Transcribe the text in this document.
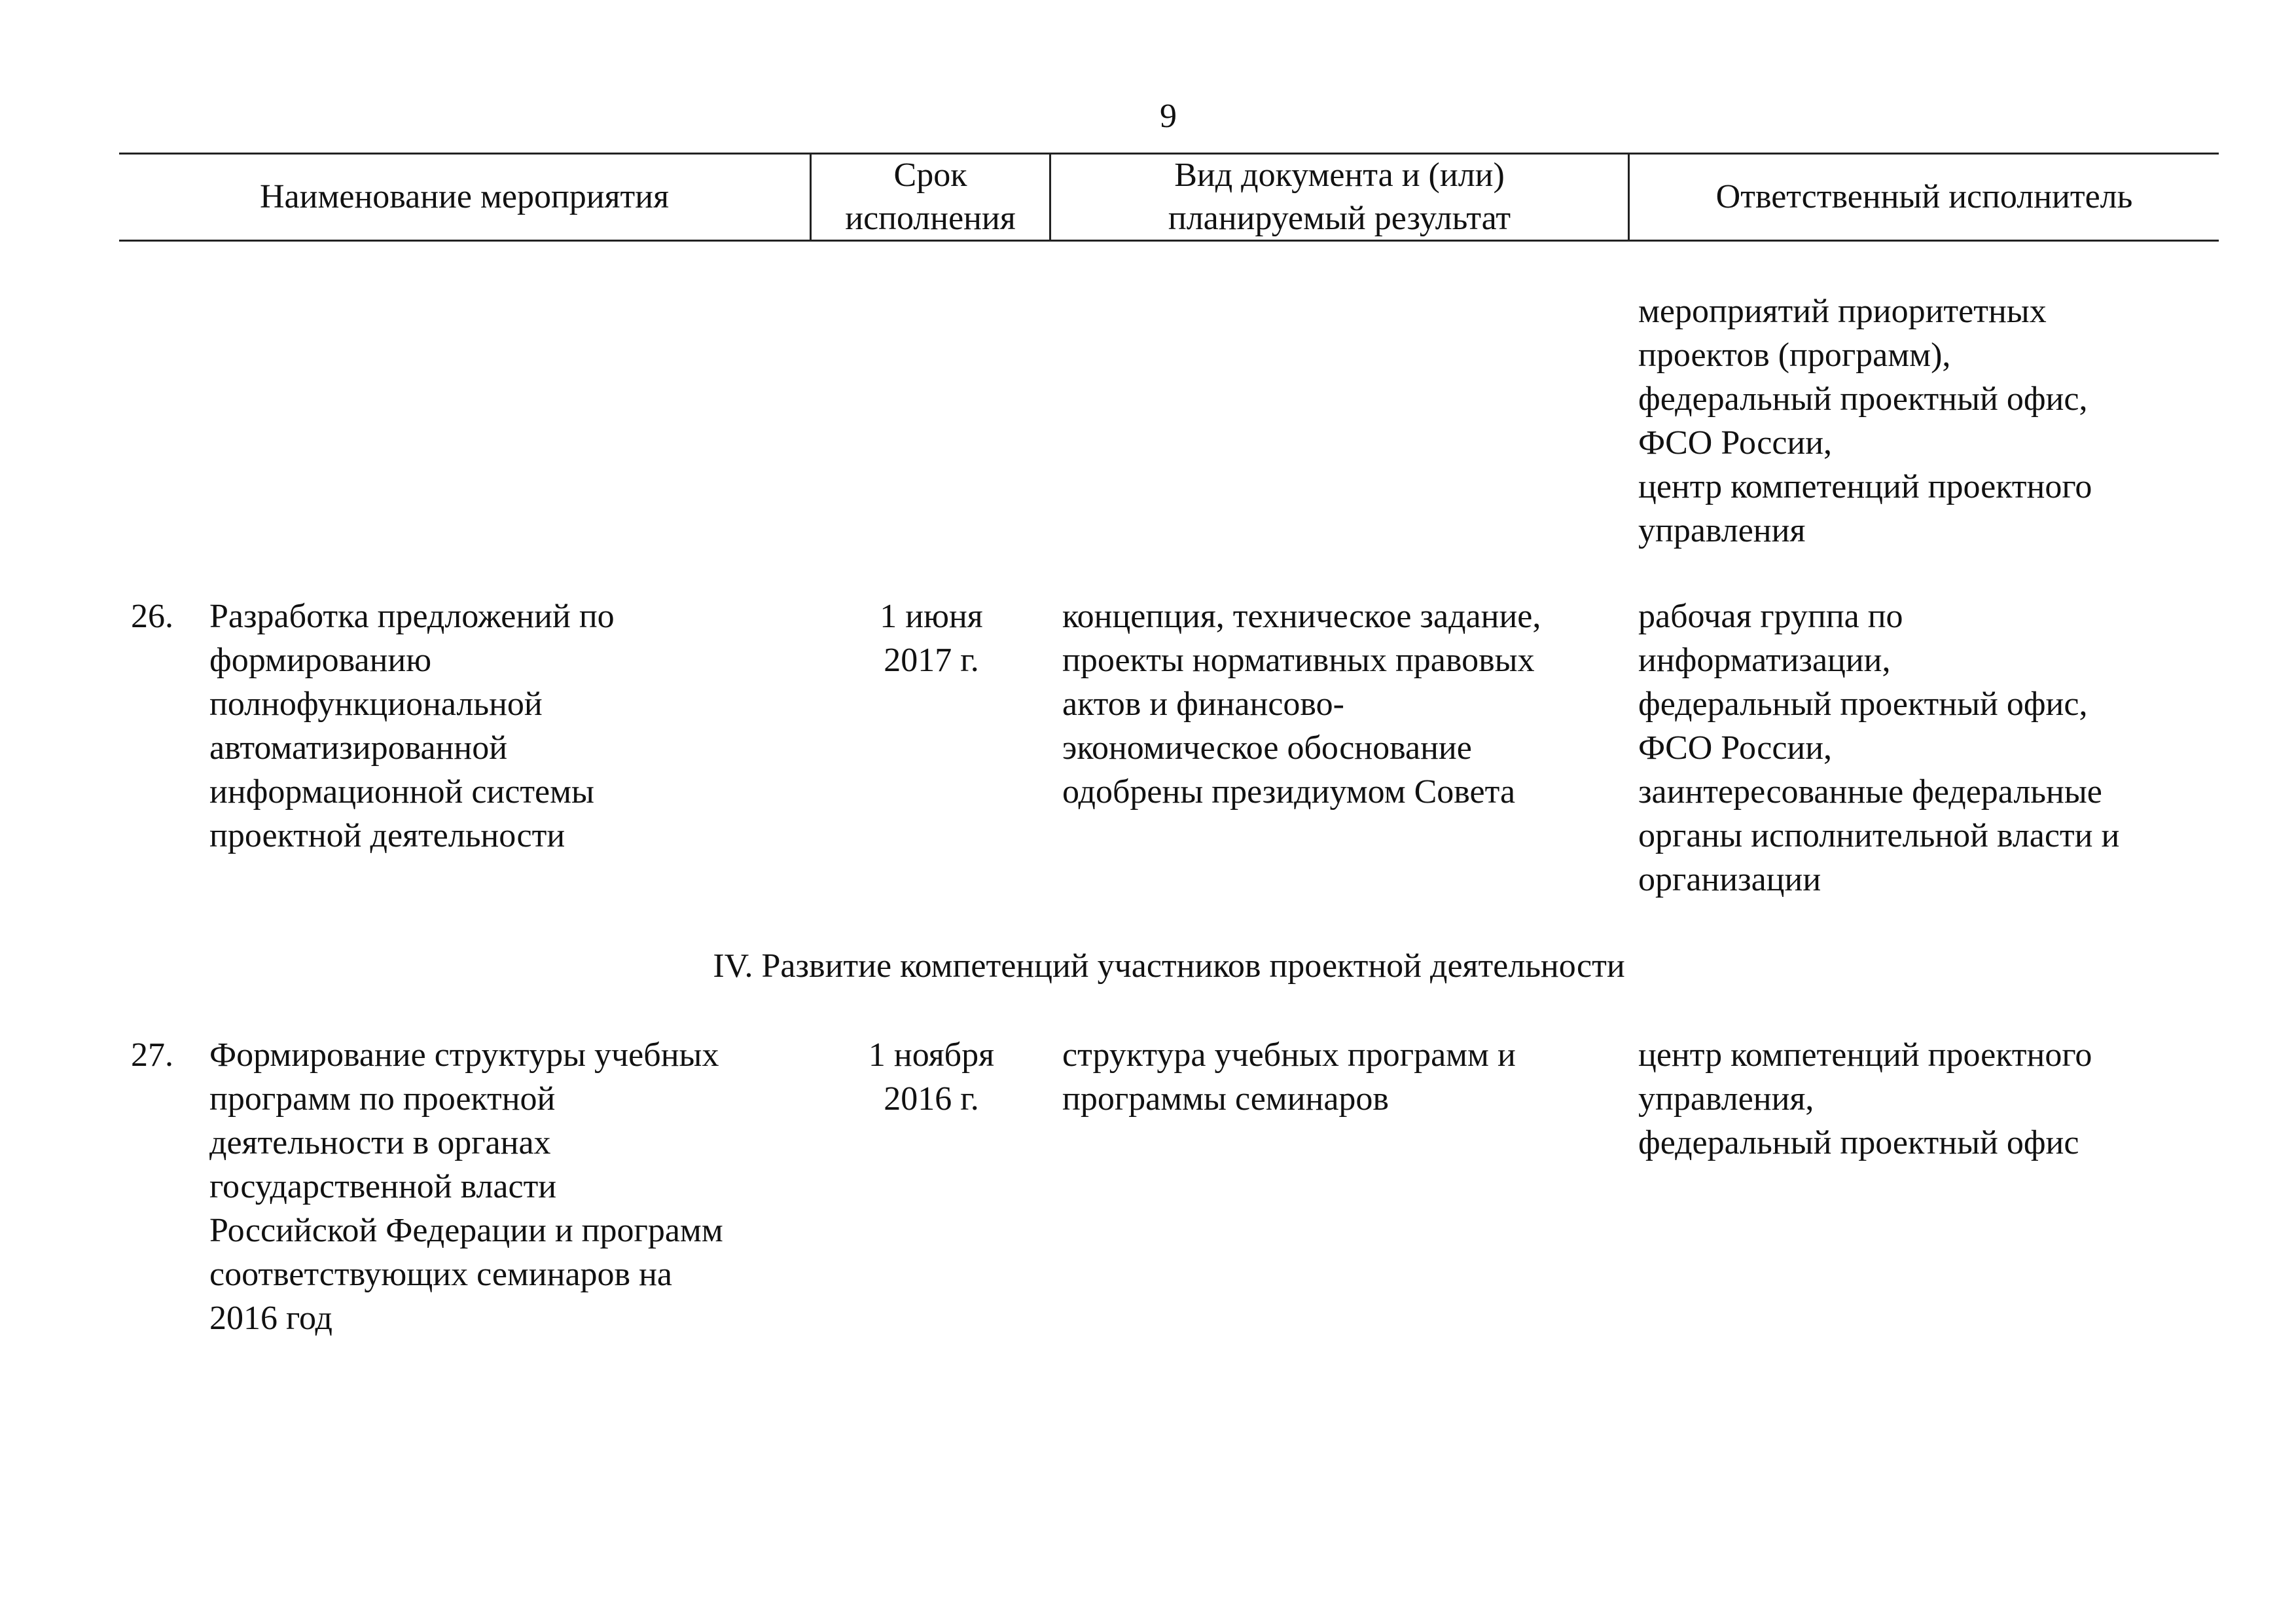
9
Наименование мероприятия
Срок
исполнения
Вид документа и (или)
планируемый результат
Ответственный исполнитель
мероприятий приоритетных
проектов (программ),
федеральный проектный офис,
ФСО России,
центр компетенций проектного
управления
26. Разработка предложений по
формированию
полнофункциональной
автоматизированной
информационной системы
проектной деятельности
1 июня
2017 г.
концепция, техническое задание,
проекты нормативных правовых
актов и финансово-
экономическое обоснование
одобрены президиумом Совета
рабочая группа по
информатизации,
федеральный проектный офис,
ФСО России,
заинтересованные федеральные
органы исполнительной власти и
организации
IV. Развитие компетенций участников проектной деятельности
27. Формирование структуры учебных
программ по проектной
деятельности в органах
государственной власти
Российской Федерации и программ
соответствующих семинаров на
2016 год
1 ноября
2016 г.
структура учебных программ и
программы семинаров
центр компетенций проектного
управления,
федеральный проектный офис
